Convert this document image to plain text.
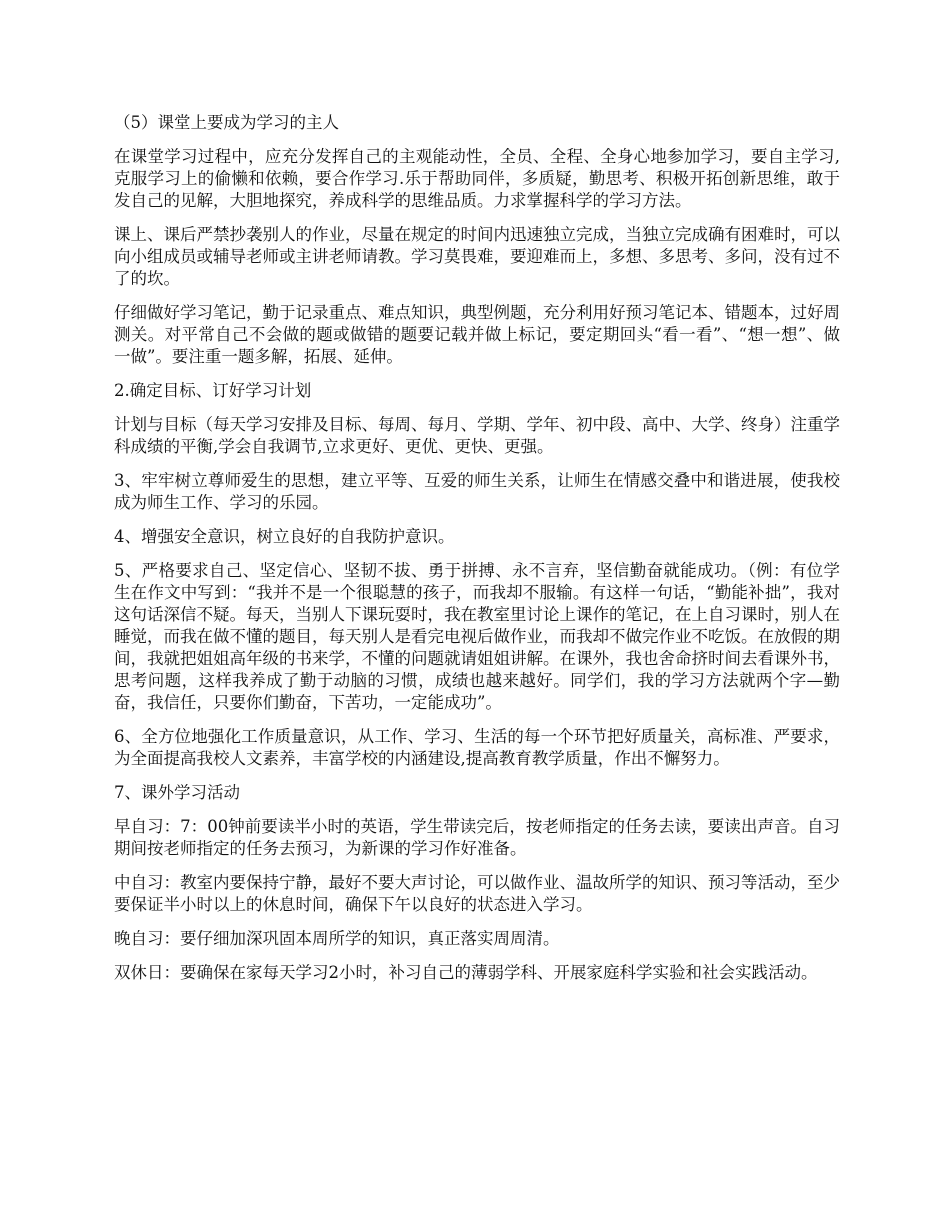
（5）课堂上要成为学习的主人

在课堂学习过程中，应充分发挥自己的主观能动性，全员、全程、全身心地参加学习，要自主学习,克服学习上的偷懒和依赖，要合作学习.乐于帮助同伴，多质疑，勤思考、积极开拓创新思维，敢于发自己的见解，大胆地探究，养成科学的思维品质。力求掌握科学的学习方法。

课上、课后严禁抄袭别人的作业，尽量在规定的时间内迅速独立完成，当独立完成确有困难时，可以向小组成员或辅导老师或主讲老师请教。学习莫畏难，要迎难而上，多想、多思考、多问，没有过不了的坎。

仔细做好学习笔记，勤于记录重点、难点知识，典型例题，充分利用好预习笔记本、错题本，过好周测关。对平常自己不会做的题或做错的题要记载并做上标记，要定期回头“看一看”、“想一想”、做一做”。要注重一题多解，拓展、延伸。

2.确定目标、订好学习计划

计划与目标（每天学习安排及目标、每周、每月、学期、学年、初中段、高中、大学、终身）注重学科成绩的平衡,学会自我调节,立求更好、更优、更快、更强。

3、牢牢树立尊师爱生的思想，建立平等、互爱的师生关系，让师生在情感交叠中和谐进展，使我校成为师生工作、学习的乐园。

4、增强安全意识，树立良好的自我防护意识。

5、严格要求自己、坚定信心、坚韧不拔、勇于拼搏、永不言弃，坚信勤奋就能成功。（例：有位学生在作文中写到：“我并不是一个很聪慧的孩子，而我却不服输。有这样一句话，“勤能补拙”，我对这句话深信不疑。每天，当别人下课玩耍时，我在教室里讨论上课作的笔记，在上自习课时，别人在睡觉，而我在做不懂的题目，每天别人是看完电视后做作业，而我却不做完作业不吃饭。在放假的期间，我就把姐姐高年级的书来学，不懂的问题就请姐姐讲解。在课外，我也舍命挤时间去看课外书，思考问题，这样我养成了勤于动脑的习惯，成绩也越来越好。同学们，我的学习方法就两个字—勤奋，我信任，只要你们勤奋，下苦功，一定能成功”。

6、全方位地强化工作质量意识，从工作、学习、生活的每一个环节把好质量关，高标准、严要求，为全面提高我校人文素养，丰富学校的内涵建设,提高教育教学质量，作出不懈努力。

7、课外学习活动

早自习：7：00钟前要读半小时的英语，学生带读完后，按老师指定的任务去读，要读出声音。自习期间按老师指定的任务去预习，为新课的学习作好准备。

中自习：教室内要保持宁静，最好不要大声讨论，可以做作业、温故所学的知识、预习等活动，至少要保证半小时以上的休息时间，确保下午以良好的状态进入学习。

晚自习：要仔细加深巩固本周所学的知识，真正落实周周清。

双休日：要确保在家每天学习2小时，补习自己的薄弱学科、开展家庭科学实验和社会实践活动。
